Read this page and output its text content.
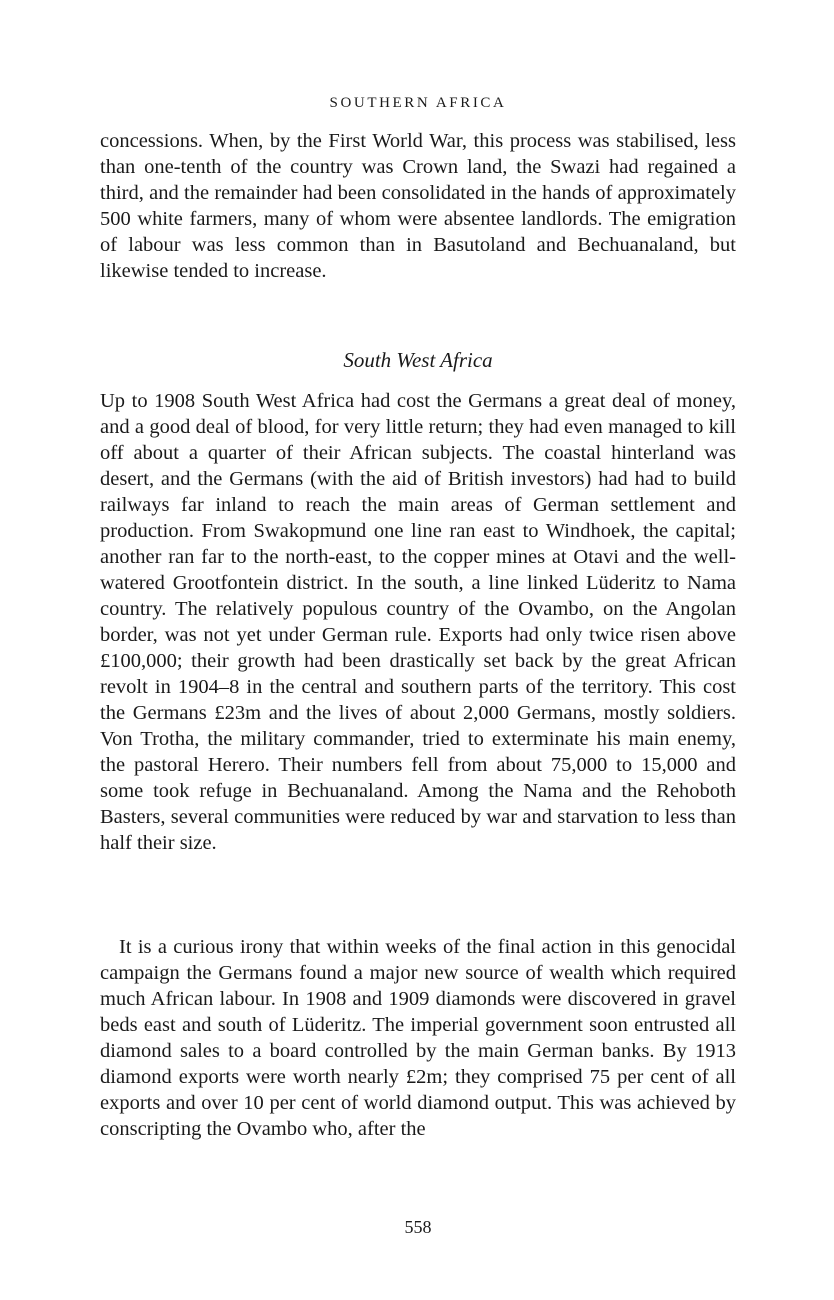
SOUTHERN AFRICA

concessions. When, by the First World War, this process was stabilised, less than one-tenth of the country was Crown land, the Swazi had regained a third, and the remainder had been consolidated in the hands of approximately 500 white farmers, many of whom were absentee landlords. The emigration of labour was less common than in Basutoland and Bechuanaland, but likewise tended to increase.

South West Africa

Up to 1908 South West Africa had cost the Germans a great deal of money, and a good deal of blood, for very little return; they had even managed to kill off about a quarter of their African subjects. The coastal hinterland was desert, and the Germans (with the aid of British investors) had had to build railways far inland to reach the main areas of German settlement and production. From Swakopmund one line ran east to Windhoek, the capital; another ran far to the north-east, to the copper mines at Otavi and the well-watered Grootfontein district. In the south, a line linked Lüderitz to Nama country. The relatively populous country of the Ovambo, on the Angolan border, was not yet under German rule. Exports had only twice risen above £100,000; their growth had been drastically set back by the great African revolt in 1904–8 in the central and southern parts of the territory. This cost the Germans £23m and the lives of about 2,000 Germans, mostly soldiers. Von Trotha, the military commander, tried to exterminate his main enemy, the pastoral Herero. Their numbers fell from about 75,000 to 15,000 and some took refuge in Bechuanaland. Among the Nama and the Rehoboth Basters, several communities were reduced by war and starvation to less than half their size.

It is a curious irony that within weeks of the final action in this genocidal campaign the Germans found a major new source of wealth which required much African labour. In 1908 and 1909 diamonds were discovered in gravel beds east and south of Lüderitz. The imperial government soon entrusted all diamond sales to a board controlled by the main German banks. By 1913 diamond exports were worth nearly £2m; they comprised 75 per cent of all exports and over 10 per cent of world diamond output. This was achieved by conscripting the Ovambo who, after the

558
